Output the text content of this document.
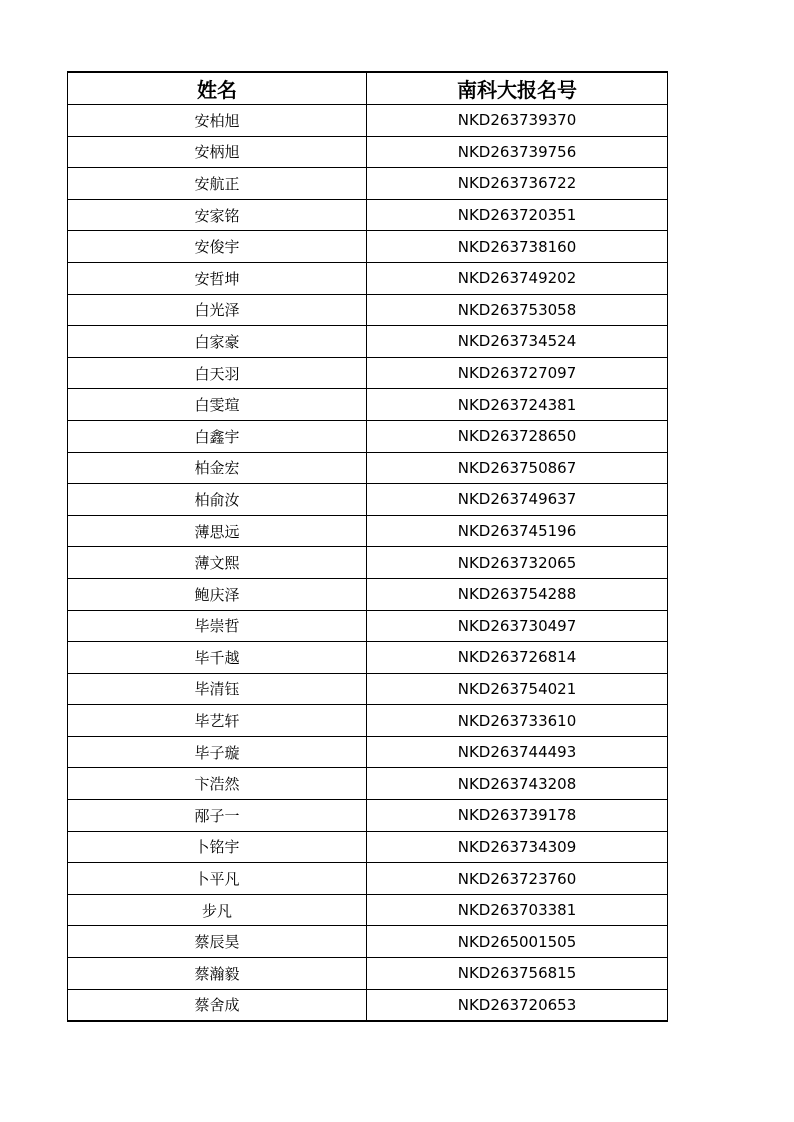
姓名	南科大报名号
安柏旭	NKD263739370
安柄旭	NKD263739756
安航正	NKD263736722
安家铭	NKD263720351
安俊宇	NKD263738160
安哲坤	NKD263749202
白光泽	NKD263753058
白家豪	NKD263734524
白天羽	NKD263727097
白雯瑄	NKD263724381
白鑫宇	NKD263728650
柏金宏	NKD263750867
柏俞汝	NKD263749637
薄思远	NKD263745196
薄文熙	NKD263732065
鲍庆泽	NKD263754288
毕崇哲	NKD263730497
毕千越	NKD263726814
毕清钰	NKD263754021
毕艺轩	NKD263733610
毕子璇	NKD263744493
卞浩然	NKD263743208
邴子一	NKD263739178
卜铭宇	NKD263734309
卜平凡	NKD263723760
步凡	NKD263703381
蔡辰昊	NKD265001505
蔡瀚毅	NKD263756815
蔡舍成	NKD263720653
